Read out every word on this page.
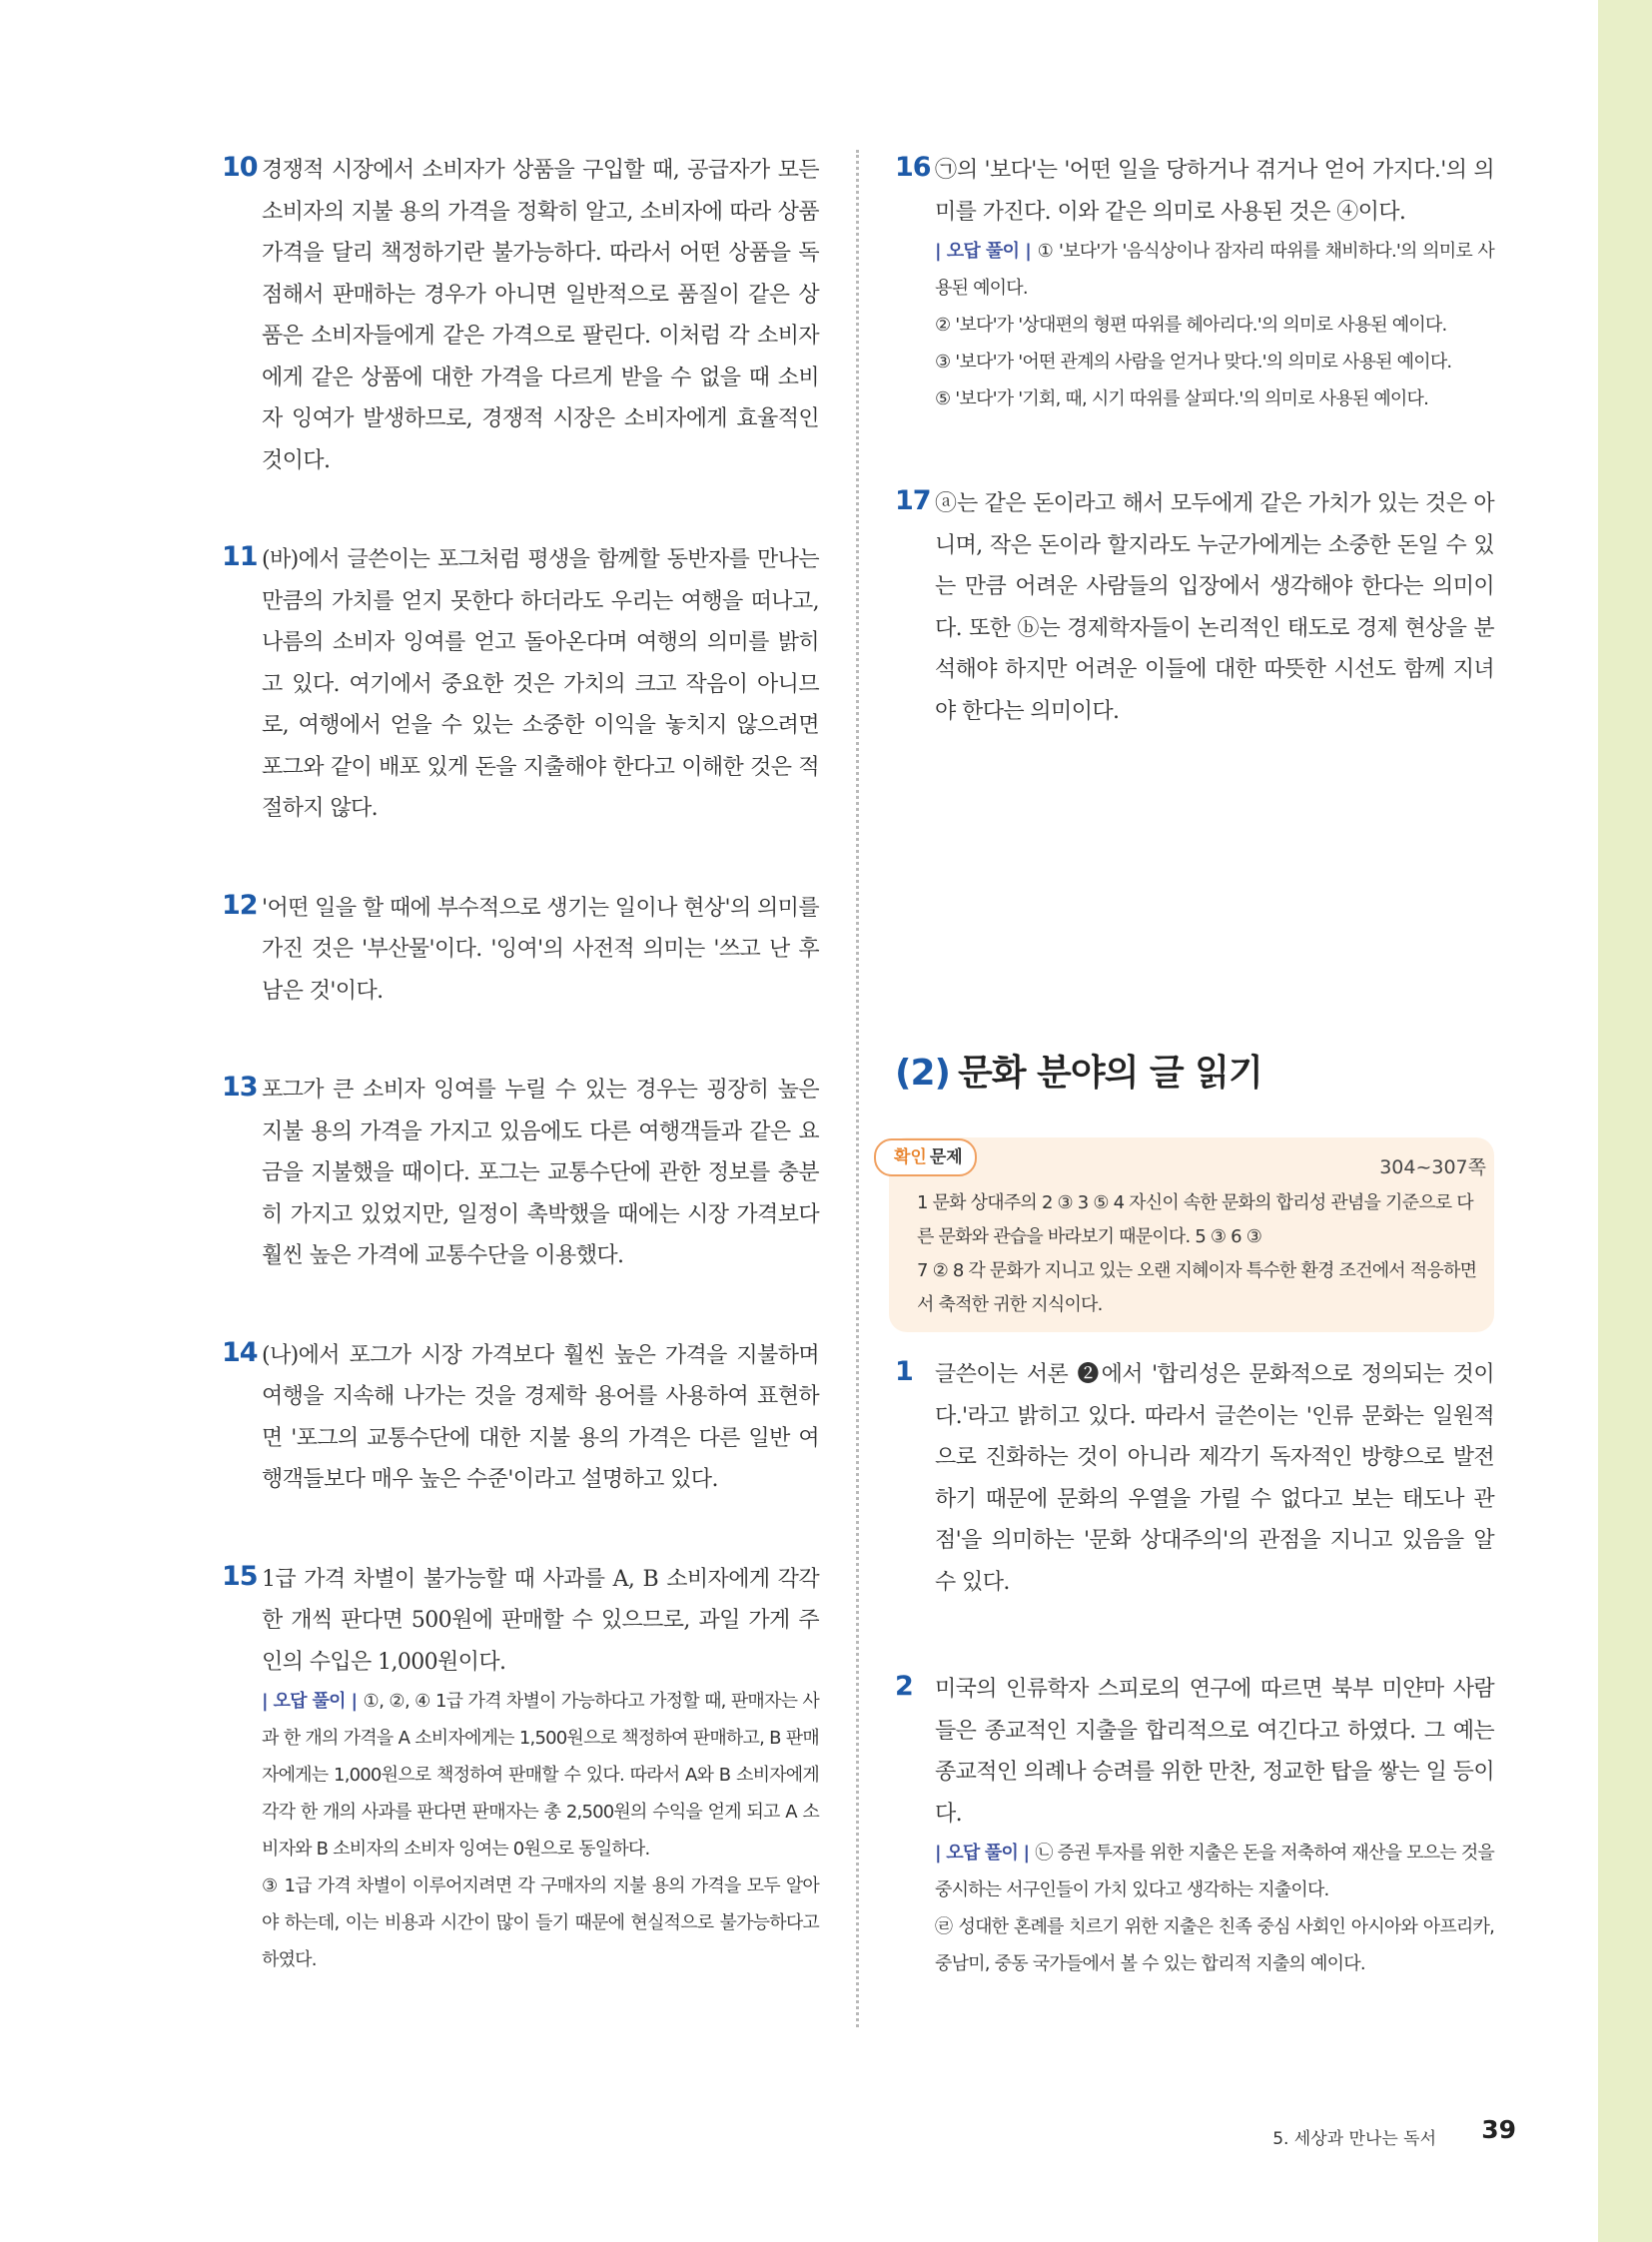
10 경쟁적 시장에서 소비자가 상품을 구입할 때, 공급자가 모든 소비자의 지불 용의 가격을 정확히 알고, 소비자에 따라 상품 가격을 달리 책정하기란 불가능하다. 따라서 어떤 상품을 독점해서 판매하는 경우가 아니면 일반적으로 품질이 같은 상품은 소비자들에게 같은 가격으로 팔린다. 이처럼 각 소비자에게 같은 상품에 대한 가격을 다르게 받을 수 없을 때 소비자 잉여가 발생하므로, 경쟁적 시장은 소비자에게 효율적인 것이다.

11 (바)에서 글쓴이는 포그처럼 평생을 함께할 동반자를 만나는 만큼의 가치를 얻지 못한다 하더라도 우리는 여행을 떠나고, 나름의 소비자 잉여를 얻고 돌아온다며 여행의 의미를 밝히고 있다. 여기에서 중요한 것은 가치의 크고 작음이 아니므로, 여행에서 얻을 수 있는 소중한 이익을 놓치지 않으려면 포그와 같이 배포 있게 돈을 지출해야 한다고 이해한 것은 적절하지 않다.

12 '어떤 일을 할 때에 부수적으로 생기는 일이나 현상'의 의미를 가진 것은 '부산물'이다. '잉여'의 사전적 의미는 '쓰고 난 후 남은 것'이다.

13 포그가 큰 소비자 잉여를 누릴 수 있는 경우는 굉장히 높은 지불 용의 가격을 가지고 있음에도 다른 여행객들과 같은 요금을 지불했을 때이다. 포그는 교통수단에 관한 정보를 충분히 가지고 있었지만, 일정이 촉박했을 때에는 시장 가격보다 훨씬 높은 가격에 교통수단을 이용했다.

14 (나)에서 포그가 시장 가격보다 훨씬 높은 가격을 지불하며 여행을 지속해 나가는 것을 경제학 용어를 사용하여 표현하면 '포그의 교통수단에 대한 지불 용의 가격은 다른 일반 여행객들보다 매우 높은 수준'이라고 설명하고 있다.

15 1급 가격 차별이 불가능할 때 사과를 A, B 소비자에게 각각 한 개씩 판다면 500원에 판매할 수 있으므로, 과일 가게 주인의 수입은 1,000원이다.

| 오답 풀이 | ①, ②, ④ 1급 가격 차별이 가능하다고 가정할 때, 판매자는 사과 한 개의 가격을 A 소비자에게는 1,500원으로 책정하여 판매하고, B 판매자에게는 1,000원으로 책정하여 판매할 수 있다. 따라서 A와 B 소비자에게 각각 한 개의 사과를 판다면 판매자는 총 2,500원의 수익을 얻게 되고 A 소비자와 B 소비자의 소비자 잉여는 0원으로 동일하다.

③ 1급 가격 차별이 이루어지려면 각 구매자의 지불 용의 가격을 모두 알아야 하는데, 이는 비용과 시간이 많이 들기 때문에 현실적으로 불가능하다고 하였다.

16 ㉠의 '보다'는 '어떤 일을 당하거나 겪거나 얻어 가지다.'의 의미를 가진다. 이와 같은 의미로 사용된 것은 ④이다.

| 오답 풀이 | ① '보다'가 '음식상이나 잠자리 따위를 채비하다.'의 의미로 사용된 예이다.

② '보다'가 '상대편의 형편 따위를 헤아리다.'의 의미로 사용된 예이다.

③ '보다'가 '어떤 관계의 사람을 얻거나 맞다.'의 의미로 사용된 예이다.

⑤ '보다'가 '기회, 때, 시기 따위를 살피다.'의 의미로 사용된 예이다.

17 ⓐ는 같은 돈이라고 해서 모두에게 같은 가치가 있는 것은 아니며, 작은 돈이라 할지라도 누군가에게는 소중한 돈일 수 있는 만큼 어려운 사람들의 입장에서 생각해야 한다는 의미이다. 또한 ⓑ는 경제학자들이 논리적인 태도로 경제 현상을 분석해야 하지만 어려운 이들에 대한 따뜻한 시선도 함께 지녀야 한다는 의미이다.

(2) 문화 분야의 글 읽기
확인 문제	304~307쪽

1 문화 상대주의 2 ③ 3 ⑤ 4 자신이 속한 문화의 합리성 관념을 기준으로 다른 문화와 관습을 바라보기 때문이다. 5 ③ 6 ③

7 ② 8 각 문화가 지니고 있는 오랜 지혜이자 특수한 환경 조건에서 적응하면서 축적한 귀한 지식이다.

1 글쓴이는 서론 ❷에서 '합리성은 문화적으로 정의되는 것이다.'라고 밝히고 있다. 따라서 글쓴이는 '인류 문화는 일원적으로 진화하는 것이 아니라 제각기 독자적인 방향으로 발전하기 때문에 문화의 우열을 가릴 수 없다고 보는 태도나 관점'을 의미하는 '문화 상대주의'의 관점을 지니고 있음을 알 수 있다.

2 미국의 인류학자 스피로의 연구에 따르면 북부 미얀마 사람들은 종교적인 지출을 합리적으로 여긴다고 하였다. 그 예는 종교적인 의례나 승려를 위한 만찬, 정교한 탑을 쌓는 일 등이다.

| 오답 풀이 | ㉡ 증권 투자를 위한 지출은 돈을 저축하여 재산을 모으는 것을 중시하는 서구인들이 가치 있다고 생각하는 지출이다.

㉣ 성대한 혼례를 치르기 위한 지출은 친족 중심 사회인 아시아와 아프리카, 중남미, 중동 국가들에서 볼 수 있는 합리적 지출의 예이다.

5. 세상과 만나는 독서 39
